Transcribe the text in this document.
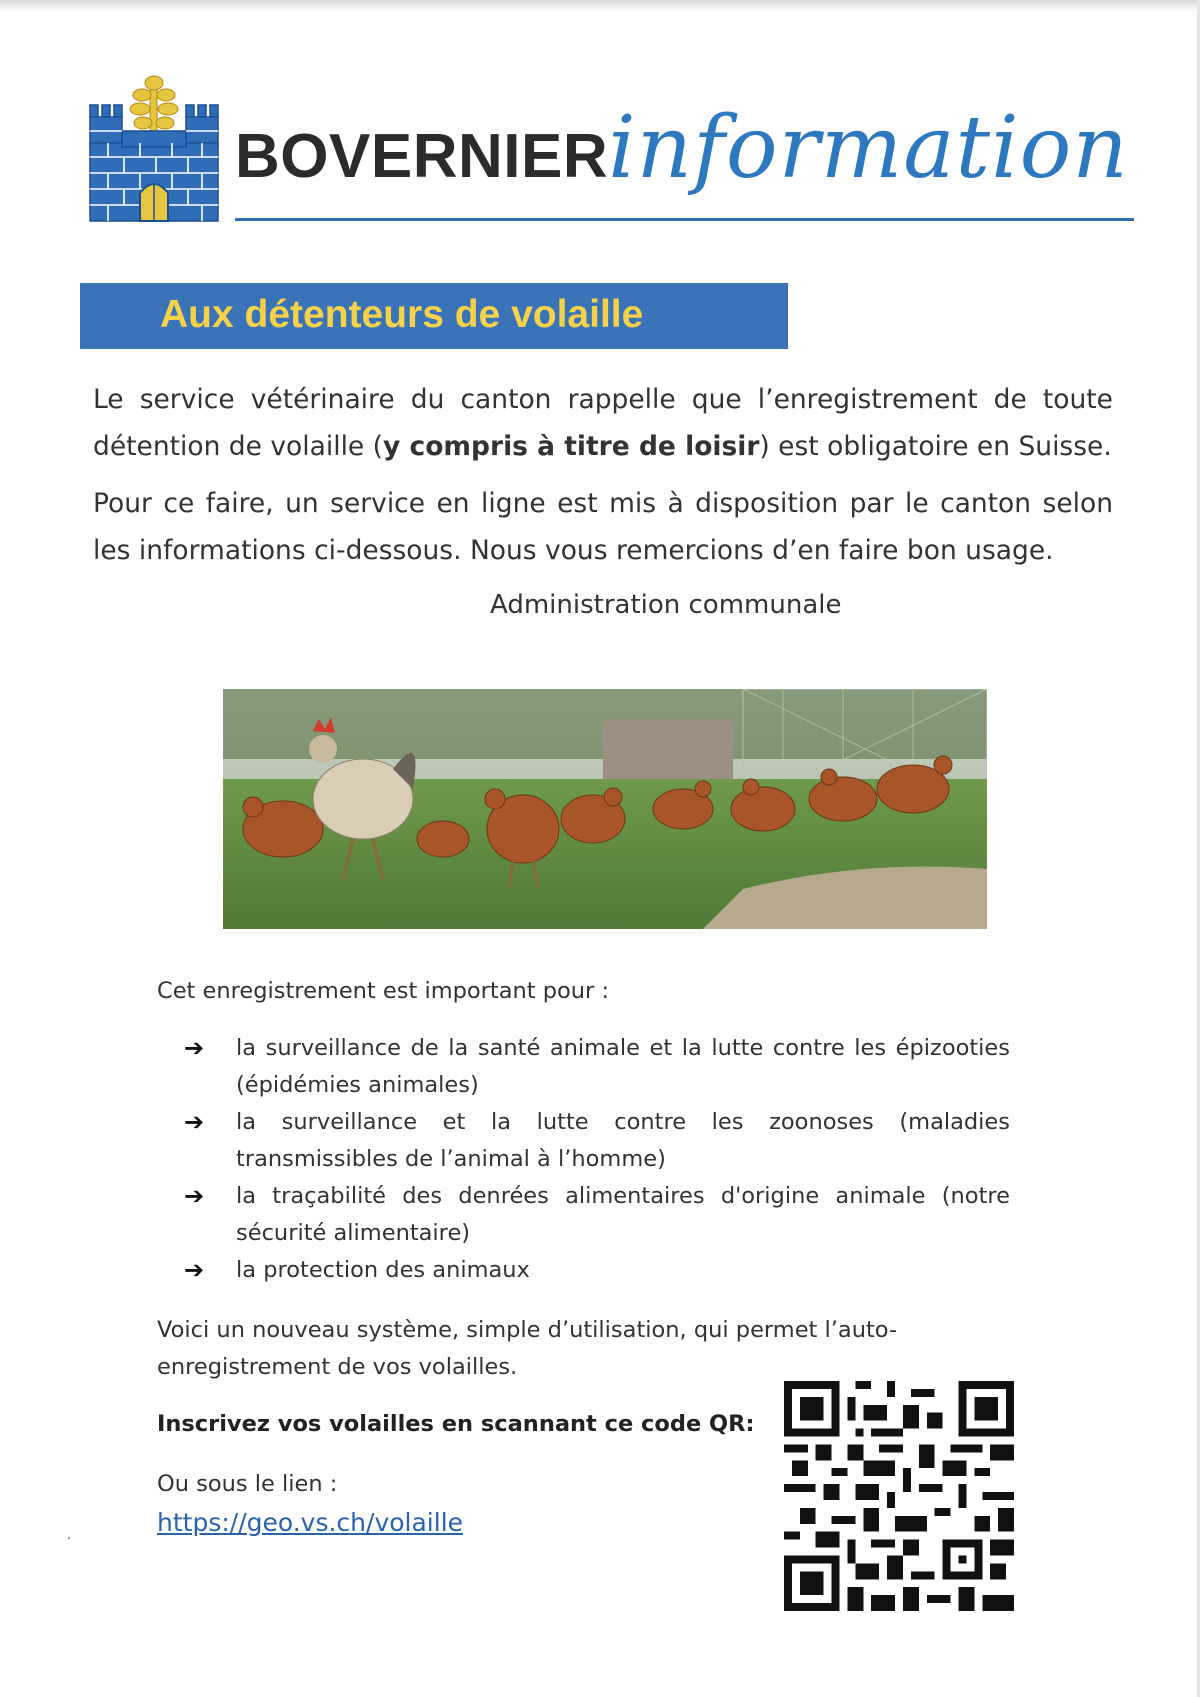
BOVERNIERinformation
Aux détenteurs de volaille

Le service vétérinaire du canton rappelle que l’enregistrement de toute détention de volaille (y compris à titre de loisir) est obligatoire en Suisse.

Pour ce faire, un service en ligne est mis à disposition par le canton selon les informations ci-dessous. Nous vous remercions d’en faire bon usage.

Administration communale
Cet enregistrement est important pour :
➔	la surveillance de la santé animale et la lutte contre les épizooties (épidémies animales)
➔	la surveillance et la lutte contre les zoonoses (maladies transmissibles de l’animal à l’homme)
➔	la traçabilité des denrées alimentaires d'origine animale (notre sécurité alimentaire)
➔	la protection des animaux
Voici un nouveau système, simple d’utilisation, qui permet l’auto-enregistrement de vos volailles.
Inscrivez vos volailles en scannant ce code QR:
Ou sous le lien :
https://geo.vs.ch/volaille
